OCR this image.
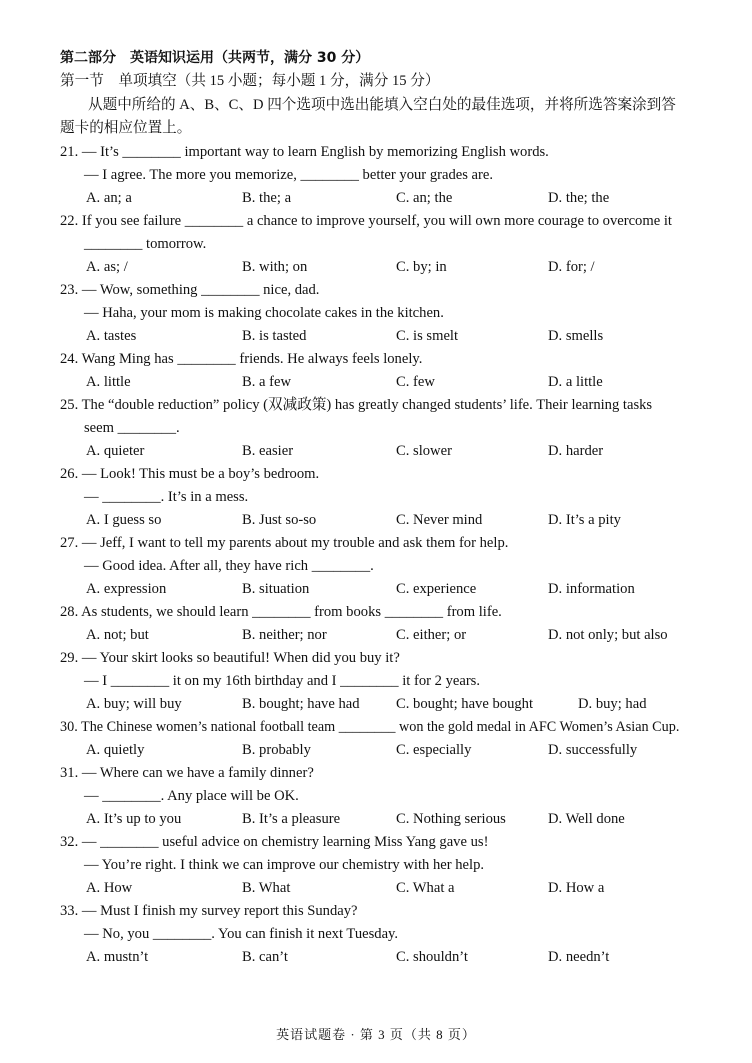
第二部分　英语知识运用（共两节，满分 30 分）
第一节　单项填空（共 15 小题；每小题 1 分，满分 15 分）
从题中所给的 A、B、C、D 四个选项中选出能填入空白处的最佳选项，并将所选答案涂到答
题卡的相应位置上。
21. — It’s ________ important way to learn English by memorizing English words.
— I agree. The more you memorize, ________ better your grades are.
A. an; a	B. the; a	C. an; the	D. the; the
22. If you see failure ________ a chance to improve yourself, you will own more courage to overcome it
________ tomorrow.
A. as; /	B. with; on	C. by; in	D. for; /
23. — Wow, something ________ nice, dad.
— Haha, your mom is making chocolate cakes in the kitchen.
A. tastes	B. is tasted	C. is smelt	D. smells
24. Wang Ming has ________ friends. He always feels lonely.
A. little	B. a few	C. few	D. a little
25. The “double reduction” policy (双减政策) has greatly changed students’ life. Their learning tasks
seem ________.
A. quieter	B. easier	C. slower	D. harder
26. — Look! This must be a boy’s bedroom.
— ________. It’s in a mess.
A. I guess so	B. Just so-so	C. Never mind	D. It’s a pity
27. — Jeff, I want to tell my parents about my trouble and ask them for help.
— Good idea. After all, they have rich ________.
A. expression	B. situation	C. experience	D. information
28. As students, we should learn ________ from books ________ from life.
A. not; but	B. neither; nor	C. either; or	D. not only; but also
29. — Your skirt looks so beautiful! When did you buy it?
— I ________ it on my 16th birthday and I ________ it for 2 years.
A. buy; will buy	B. bought; have had C. bought; have bought	D. buy; had
30. The Chinese women’s national football team ________ won the gold medal in AFC Women’s Asian Cup.
A. quietly	B. probably	C. especially	D. successfully
31. — Where can we have a family dinner?
— ________. Any place will be OK.
A. It’s up to you	B. It’s a pleasure	C. Nothing serious	D. Well done
32. — ________ useful advice on chemistry learning Miss Yang gave us!
— You’re right. I think we can improve our chemistry with her help.
A. How	B. What	C. What a	D. How a
33. — Must I finish my survey report this Sunday?
— No, you ________. You can finish it next Tuesday.
A. mustn’t	B. can’t	C. shouldn’t	D. needn’t
英语试题卷 · 第 3 页（共 8 页）
